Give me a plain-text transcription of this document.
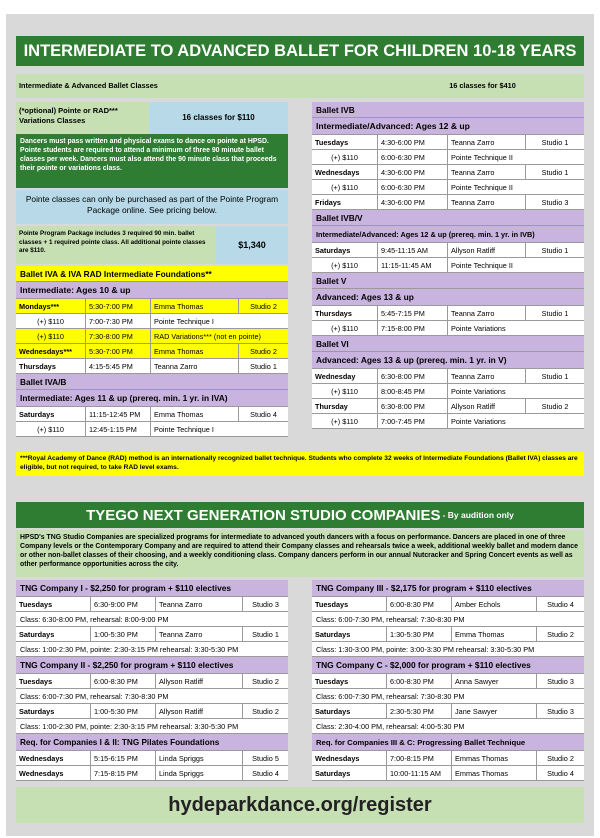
INTERMEDIATE TO ADVANCED BALLET FOR CHILDREN 10-18 YEARS
Intermediate & Advanced Ballet Classes	16 classes for $410
(*optional) Pointe or RAD***
Variations Classes	16 classes for $110
Dancers must pass written and physical exams to dance on pointe at HPSD. Pointe students are required to attend a minimum of three 90 minute ballet classes per week. Dancers must also attend the 90 minute class that proceeds their pointe or variations class.
Pointe classes can only be purchased as part of the Pointe Program Package online. See pricing below.
Pointe Program Package includes 3 required 90 min. ballet classes + 1 required pointe class. All additional pointe classes are $110.
$1,340
Ballet IVA & IVA RAD Intermediate Foundations**
Intermediate: Ages 10 & up
Mondays***	5:30-7:00 PM	Emma Thomas	Studio 2
(+) $110	7:00-7:30 PM	Pointe Technique I
(+) $110	7:30-8:00 PM	RAD Variations*** (not en pointe)
Wednesdays***	5:30-7:00 PM	Emma Thomas	Studio 2
Thursdays	4:15-5:45 PM	Teanna Zarro	Studio 1
Ballet IVA/B
Intermediate: Ages 11 & up (prereq. min. 1 yr. in IVA)
Saturdays	11:15-12:45 PM	Emma Thomas	Studio 4
(+) $110	12:45-1:15 PM	Pointe Technique I
Ballet IVB
Intermediate/Advanced: Ages 12 & up
Tuesdays	4:30-6:00 PM	Teanna Zarro	Studio 1
(+) $110	6:00-6:30 PM	Pointe Technique II
Wednesdays	4:30-6:00 PM	Teanna Zarro	Studio 1
(+) $110	6:00-6:30 PM	Pointe Technique II
Fridays	4:30-6:00 PM	Teanna Zarro	Studio 3
Ballet IVB/V
Intermediate/Advanced: Ages 12 & up (prereq. min. 1 yr. in IVB)
Saturdays	9:45-11:15 AM	Allyson Ratliff	Studio 1
(+) $110	11:15-11:45 AM	Pointe Technique II
Ballet V
Advanced: Ages 13 & up
Thursdays	5:45-7:15 PM	Teanna Zarro	Studio 1
(+) $110	7:15-8:00 PM	Pointe Variations
Ballet VI
Advanced: Ages 13 & up (prereq. min. 1 yr. in V)
Wednesday	6:30-8:00 PM	Teanna Zarro	Studio 1
(+) $110	8:00-8:45 PM	Pointe Variations
Thursday	6:30-8:00 PM	Allyson Ratliff	Studio 2
(+) $110	7:00-7:45 PM	Pointe Variations
***Royal Academy of Dance (RAD) method is an internationally recognized ballet technique. Students who complete 32 weeks of Intermediate Foundations (Ballet IVA) classes are eligible, but not required, to take RAD level exams.
TYEGO NEXT GENERATION STUDIO COMPANIES - By audition only
HPSD's TNG Studio Companies are specialized programs for intermediate to advanced youth dancers with a focus on performance. Dancers are placed in one of three Company levels or the Contemporary Company and are required to attend their Company classes and rehearsals twice a week, additional weekly ballet and modern dance or other non-ballet classes of their choosing, and a weekly conditioning class. Company dancers perform in our annual Nutcracker and Spring Concert events as well as other performance opportunities across the city.
TNG Company I - $2,250 for program + $110 electives
Tuesdays	6:30-9:00 PM	Teanna Zarro	Studio 3
Class: 6:30-8:00 PM, rehearsal: 8:00-9:00 PM
Saturdays	1:00-5:30 PM	Teanna Zarro	Studio 1
Class: 1:00-2:30 PM, pointe: 2:30-3:15 PM rehearsal: 3:30-5:30 PM
TNG Company II - $2,250 for program + $110 electives
Tuesdays	6:00-8:30 PM	Allyson Ratliff	Studio 2
Class: 6:00-7:30 PM, rehearsal: 7:30-8:30 PM
Saturdays	1:00-5:30 PM	Allyson Ratliff	Studio 2
Class: 1:00-2:30 PM, pointe: 2:30-3:15 PM rehearsal: 3:30-5:30 PM
Req. for Companies I & II: TNG Pilates Foundations
Wednesdays	5:15-6:15 PM	Linda Spriggs	Studio 5
Wednesdays	7:15-8:15 PM	Linda Spriggs	Studio 4
TNG Company III - $2,175 for program + $110 electives
Tuesdays	6:00-8:30 PM	Amber Echols	Studio 4
Class: 6:00-7:30 PM, rehearsal: 7:30-8:30 PM
Saturdays	1:30-5:30 PM	Emma Thomas	Studio 2
Class: 1:30-3:00 PM, pointe: 3:00-3:30 PM rehearsal: 3:30-5:30 PM
TNG Company C - $2,000 for program + $110 electives
Tuesdays	6:00-8:30 PM	Anna Sawyer	Studio 3
Class: 6:00-7:30 PM, rehearsal: 7:30-8:30 PM
Saturdays	2:30-5:30 PM	Jane Sawyer	Studio 3
Class: 2:30-4:00 PM, rehearsal: 4:00-5:30 PM
Req. for Companies III & C: Progressing Ballet Technique
Wednesdays	7:00-8:15 PM	Emmas Thomas	Studio 2
Saturdays	10:00-11:15 AM	Emmas Thomas	Studio 4
hydeparkdance.org/register
